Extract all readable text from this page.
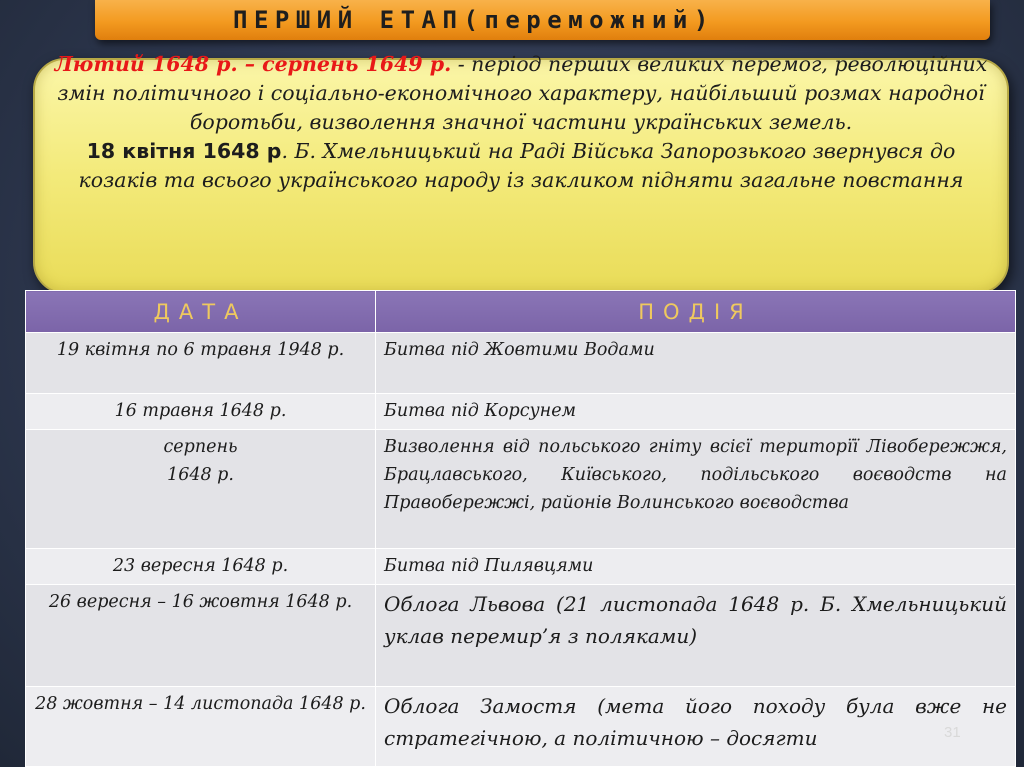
ПЕРШИЙ ЕТАП(переможний)
Лютий 1648 р. – серпень 1649 р. - період перших великих перемог, революційних змін політичного і соціально-економічного характеру, найбільший розмах народної боротьби, визволення значної частини українських земель.
18 квітня 1648 р. Б. Хмельницький на Раді Війська Запорозького звернувся до козаків та всього українського народу із закликом підняти загальне повстання
ДАТА	ПОДІЯ
19 квітня по 6 травня 1948 р.	Битва під Жовтими Водами
16 травня 1648 р.	Битва під Корсунем
серпень
1648 р.	Визволення від польського гніту всієї територїї Лівобережжя, Брацлавського, Київського, подільського воєводств на Правобережжі, районів Волинського воєводства
23 вересня 1648 р.	Битва під Пилявцями
26 вересня – 16 жовтня 1648 р.	Облога Львова (21 листопада 1648 р. Б. Хмельницький уклав перемир’я з поляками)
28 жовтня – 14 листопада 1648 р.	Облога Замостя (мета його походу була вже не стратегічною, а політичною – досягти	31
